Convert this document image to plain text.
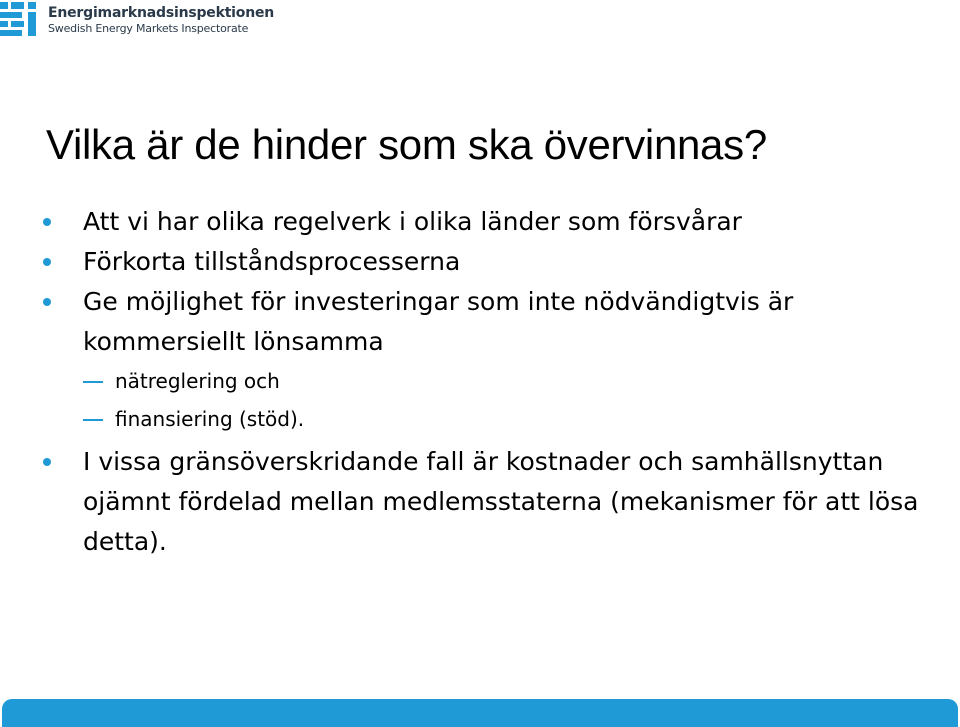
Energimarknadsinspektionen
Swedish Energy Markets Inspectorate
Vilka är de hinder som ska övervinnas?
Att vi har olika regelverk i olika länder som försvårar
Förkorta tillståndsprocesserna
Ge möjlighet för investeringar som inte nödvändigtvis är kommersiellt lönsamma
nätreglering och
finansiering (stöd).
I vissa gränsöverskridande fall är kostnader och samhällsnyttan ojämnt fördelad mellan medlemsstaterna (mekanismer för att lösa detta).
